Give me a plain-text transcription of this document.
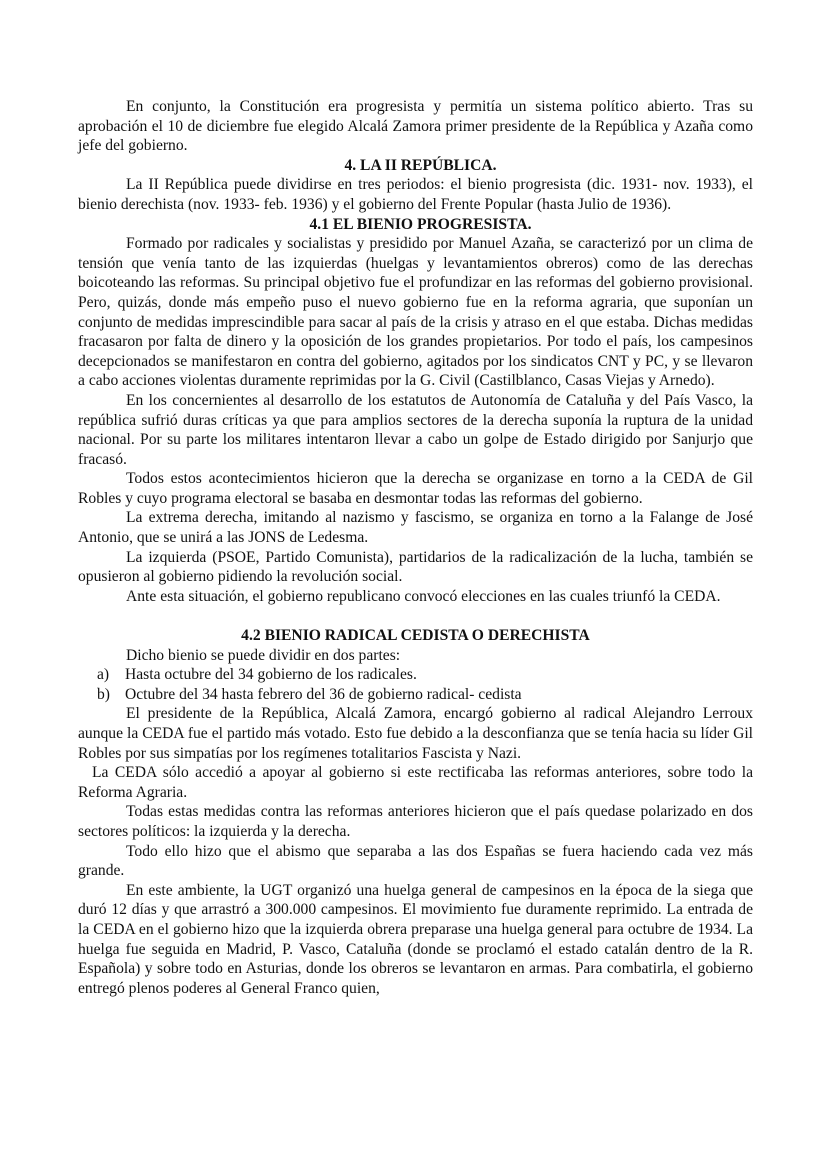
En conjunto, la Constitución era progresista y permitía un sistema político abierto. Tras su aprobación el 10 de diciembre fue elegido Alcalá Zamora primer presidente de la República y Azaña como jefe del gobierno.

4. LA II REPÚBLICA.

La II República puede dividirse en tres periodos: el bienio progresista (dic. 1931- nov. 1933), el bienio derechista (nov. 1933- feb. 1936) y el gobierno del Frente Popular (hasta Julio de 1936).

4.1 EL BIENIO PROGRESISTA.

Formado por radicales y socialistas y presidido por Manuel Azaña, se caracterizó por un clima de tensión que venía tanto de las izquierdas (huelgas y levantamientos obreros) como de las derechas boicoteando las reformas. Su principal objetivo fue el profundizar en las reformas del gobierno provisional. Pero, quizás, donde más empeño puso el nuevo gobierno fue en la reforma agraria, que suponían un conjunto de medidas imprescindible para sacar al país de la crisis y atraso en el que estaba. Dichas medidas fracasaron por falta de dinero y la oposición de los grandes propietarios. Por todo el país, los campesinos decepcionados se manifestaron en contra del gobierno, agitados por los sindicatos CNT y PC, y se llevaron a cabo acciones violentas duramente reprimidas por la G. Civil (Castilblanco, Casas Viejas y Arnedo).

En los concernientes al desarrollo de los estatutos de Autonomía de Cataluña y del País Vasco, la república sufrió duras críticas ya que para amplios sectores de la derecha suponía la ruptura de la unidad nacional. Por su parte los militares intentaron llevar a cabo un golpe de Estado dirigido por Sanjurjo que fracasó.

Todos estos acontecimientos hicieron que la derecha se organizase en torno a la CEDA de Gil Robles y cuyo programa electoral se basaba en desmontar todas las reformas del gobierno.

La extrema derecha, imitando al nazismo y fascismo, se organiza en torno a la Falange de José Antonio, que se unirá a las JONS de Ledesma.

La izquierda (PSOE, Partido Comunista), partidarios de la radicalización de la lucha, también se opusieron al gobierno pidiendo la revolución social.

Ante esta situación, el gobierno republicano convocó elecciones en las cuales triunfó la CEDA.

4.2 BIENIO RADICAL CEDISTA O DERECHISTA

Dicho bienio se puede dividir en dos partes:

a) Hasta octubre del 34 gobierno de los radicales.
b) Octubre del 34 hasta febrero del 36 de gobierno radical- cedista

El presidente de la República, Alcalá Zamora, encargó gobierno al radical Alejandro Lerroux aunque la CEDA fue el partido más votado. Esto fue debido a la desconfianza que se tenía hacia su líder Gil Robles por sus simpatías por los regímenes totalitarios Fascista y Nazi.

La CEDA sólo accedió a apoyar al gobierno si este rectificaba las reformas anteriores, sobre todo la Reforma Agraria.

Todas estas medidas contra las reformas anteriores hicieron que el país quedase polarizado en dos sectores políticos: la izquierda y la derecha.

Todo ello hizo que el abismo que separaba a las dos Españas se fuera haciendo cada vez más grande.

En este ambiente, la UGT organizó una huelga general de campesinos en la época de la siega que duró 12 días y que arrastró a 300.000 campesinos. El movimiento fue duramente reprimido. La entrada de la CEDA en el gobierno hizo que la izquierda obrera preparase una huelga general para octubre de 1934. La huelga fue seguida en Madrid, P. Vasco, Cataluña (donde se proclamó el estado catalán dentro de la R. Española) y sobre todo en Asturias, donde los obreros se levantaron en armas. Para combatirla, el gobierno entregó plenos poderes al General Franco quien,
